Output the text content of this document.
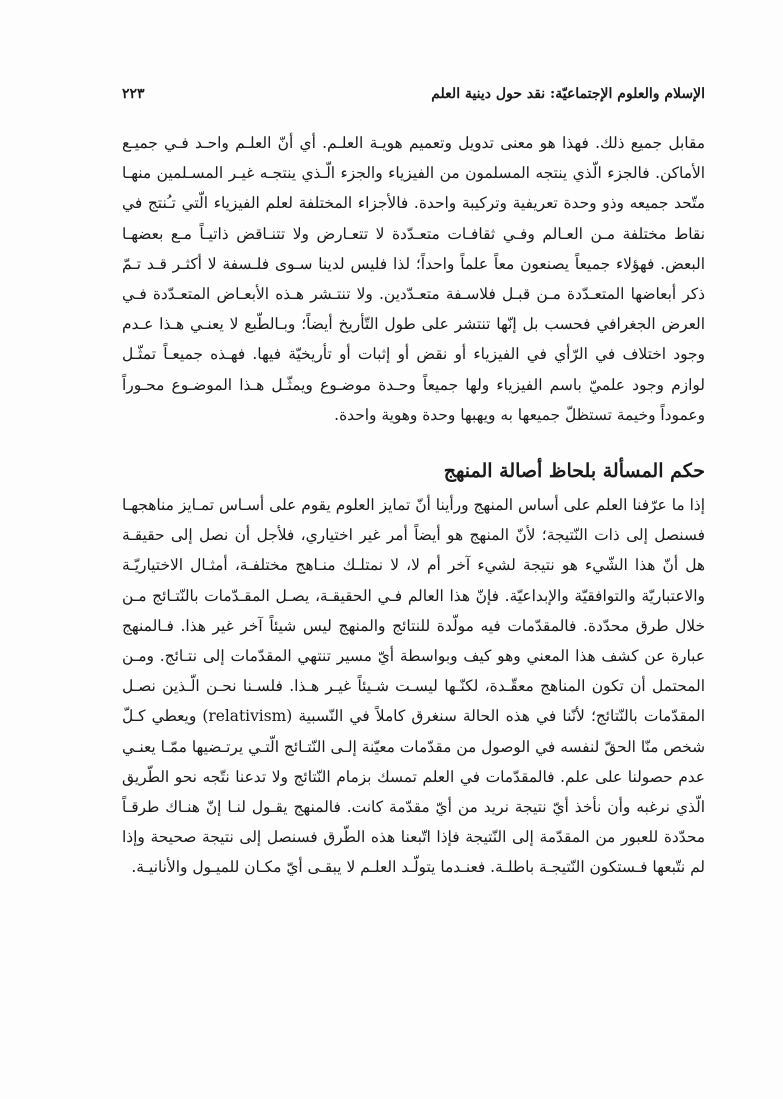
الإسلام والعلوم الإجتماعيّة: نقد حول دينية العلم
٢٢٣

مقابل جميع ذلك. فهذا هو معنى تدويل وتعميم هويـة العلـم. أي أنّ العلـم واحـد فـي جميـع الأماكن. فالجزء الّذي ينتجه المسلمون من الفيزياء والجزء الّـذي ينتجـه غيـر المسـلمين منهـا متّحد جميعه وذو وحدة تعريفية وتركيبة واحدة. فالأجزاء المختلفة لعلم الفيزياء الّتي تـُنتج في نقاط مختلفة مـن العـالم وفـي ثقافـات متعـدّدة لا تتعـارض ولا تتنـاقض ذاتيـاً مـع بعضهـا البعض. فهؤلاء جميعاً يصنعون معاً علماً واحداً؛ لذا فليس لدينا سـوى فلـسفة لا أكثـر قـد تـمّ ذكر أبعاضها المتعـدّدة مـن قبـل فلاسـفة متعـدّدين. ولا تنتـشر هـذه الأبعـاض المتعـدّدة فـي العرض الجغرافي فحسب بل إنّها تنتشر على طول التّأريخ أيضاً؛ وبـالطّبع لا يعنـي هـذا عـدم وجود اختلاف في الرّأي في الفيزياء أو نقض أو إثبات أو تأريخيّة فيها. فهـذه جميعـاً تمثّـل لوازم وجود علميّ باسم الفيزياء ولها جميعاً وحـدة موضـوع ويمثّـل هـذا الموضـوع محـوراً وعموداً وخيمة تستظلّ جميعها به ويهبها وحدة وهوية واحدة.

حكم المسألة بلحاظ أصالة المنهج

إذا ما عرّفنا العلم على أساس المنهج ورأينا أنّ تمايز العلوم يقوم على أسـاس تمـايز مناهجهـا فسنصل إلى ذات النّتيجة؛ لأنّ المنهج هو أيضاً أمر غير اختياري، فلأجل أن نصل إلى حقيقـة هل أنّ هذا الشّيء هو نتيجة لشيء آخر أم لا، لا نمتلـك منـاهج مختلفـة، أمثـال الاختياريّـة والاعتباريّة والتوافقيّة والإبداعيّة. فإنّ هذا العالم فـي الحقيقـة، يصـل المقـدّمات بالنّتـائج مـن خلال طرق محدّدة. فالمقدّمات فيه مولّدة للنتائج والمنهج ليس شيئاً آخر غير هذا. فـالمنهج عبارة عن كشف هذا المعني وهو كيف وبواسطة أيّ مسير تنتهي المقدّمات إلى نتـائج. ومـن المحتمل أن تكون المناهج معقّـدة، لكنّـها ليسـت شـيئاً غيـر هـذا. فلسـنا نحـن الّـذين نصـل المقدّمات بالنّتائج؛ لأنّنا في هذه الحالة سنغرق كاملاً في النّسبية (relativism) ويعطي كـلّ شخص منّا الحقّ لنفسه في الوصول من مقدّمات معيّنة إلـى النّتـائج الّتـي يرتـضيها ممّـا يعنـي عدم حصولنا على علم. فالمقدّمات في العلم تمسك بزمام النّتائج ولا تدعنا نتّجه نحو الطّريق الّذي نرغبه وأن نأخذ أيّ نتيجة نريد من أيّ مقدّمة كانت. فالمنهج يقـول لنـا إنّ هنـاك طرقـاً محدّدة للعبور من المقدّمة إلى النّتيجة فإذا اتّبعنا هذه الطّرق فسنصل إلى نتيجة صحيحة وإذا لم نتّبعها فـستكون النّتيجـة باطلـة. فعنـدما يتولّـد العلـم لا يبقـى أيّ مكـان للميـول والأنانيـة.
